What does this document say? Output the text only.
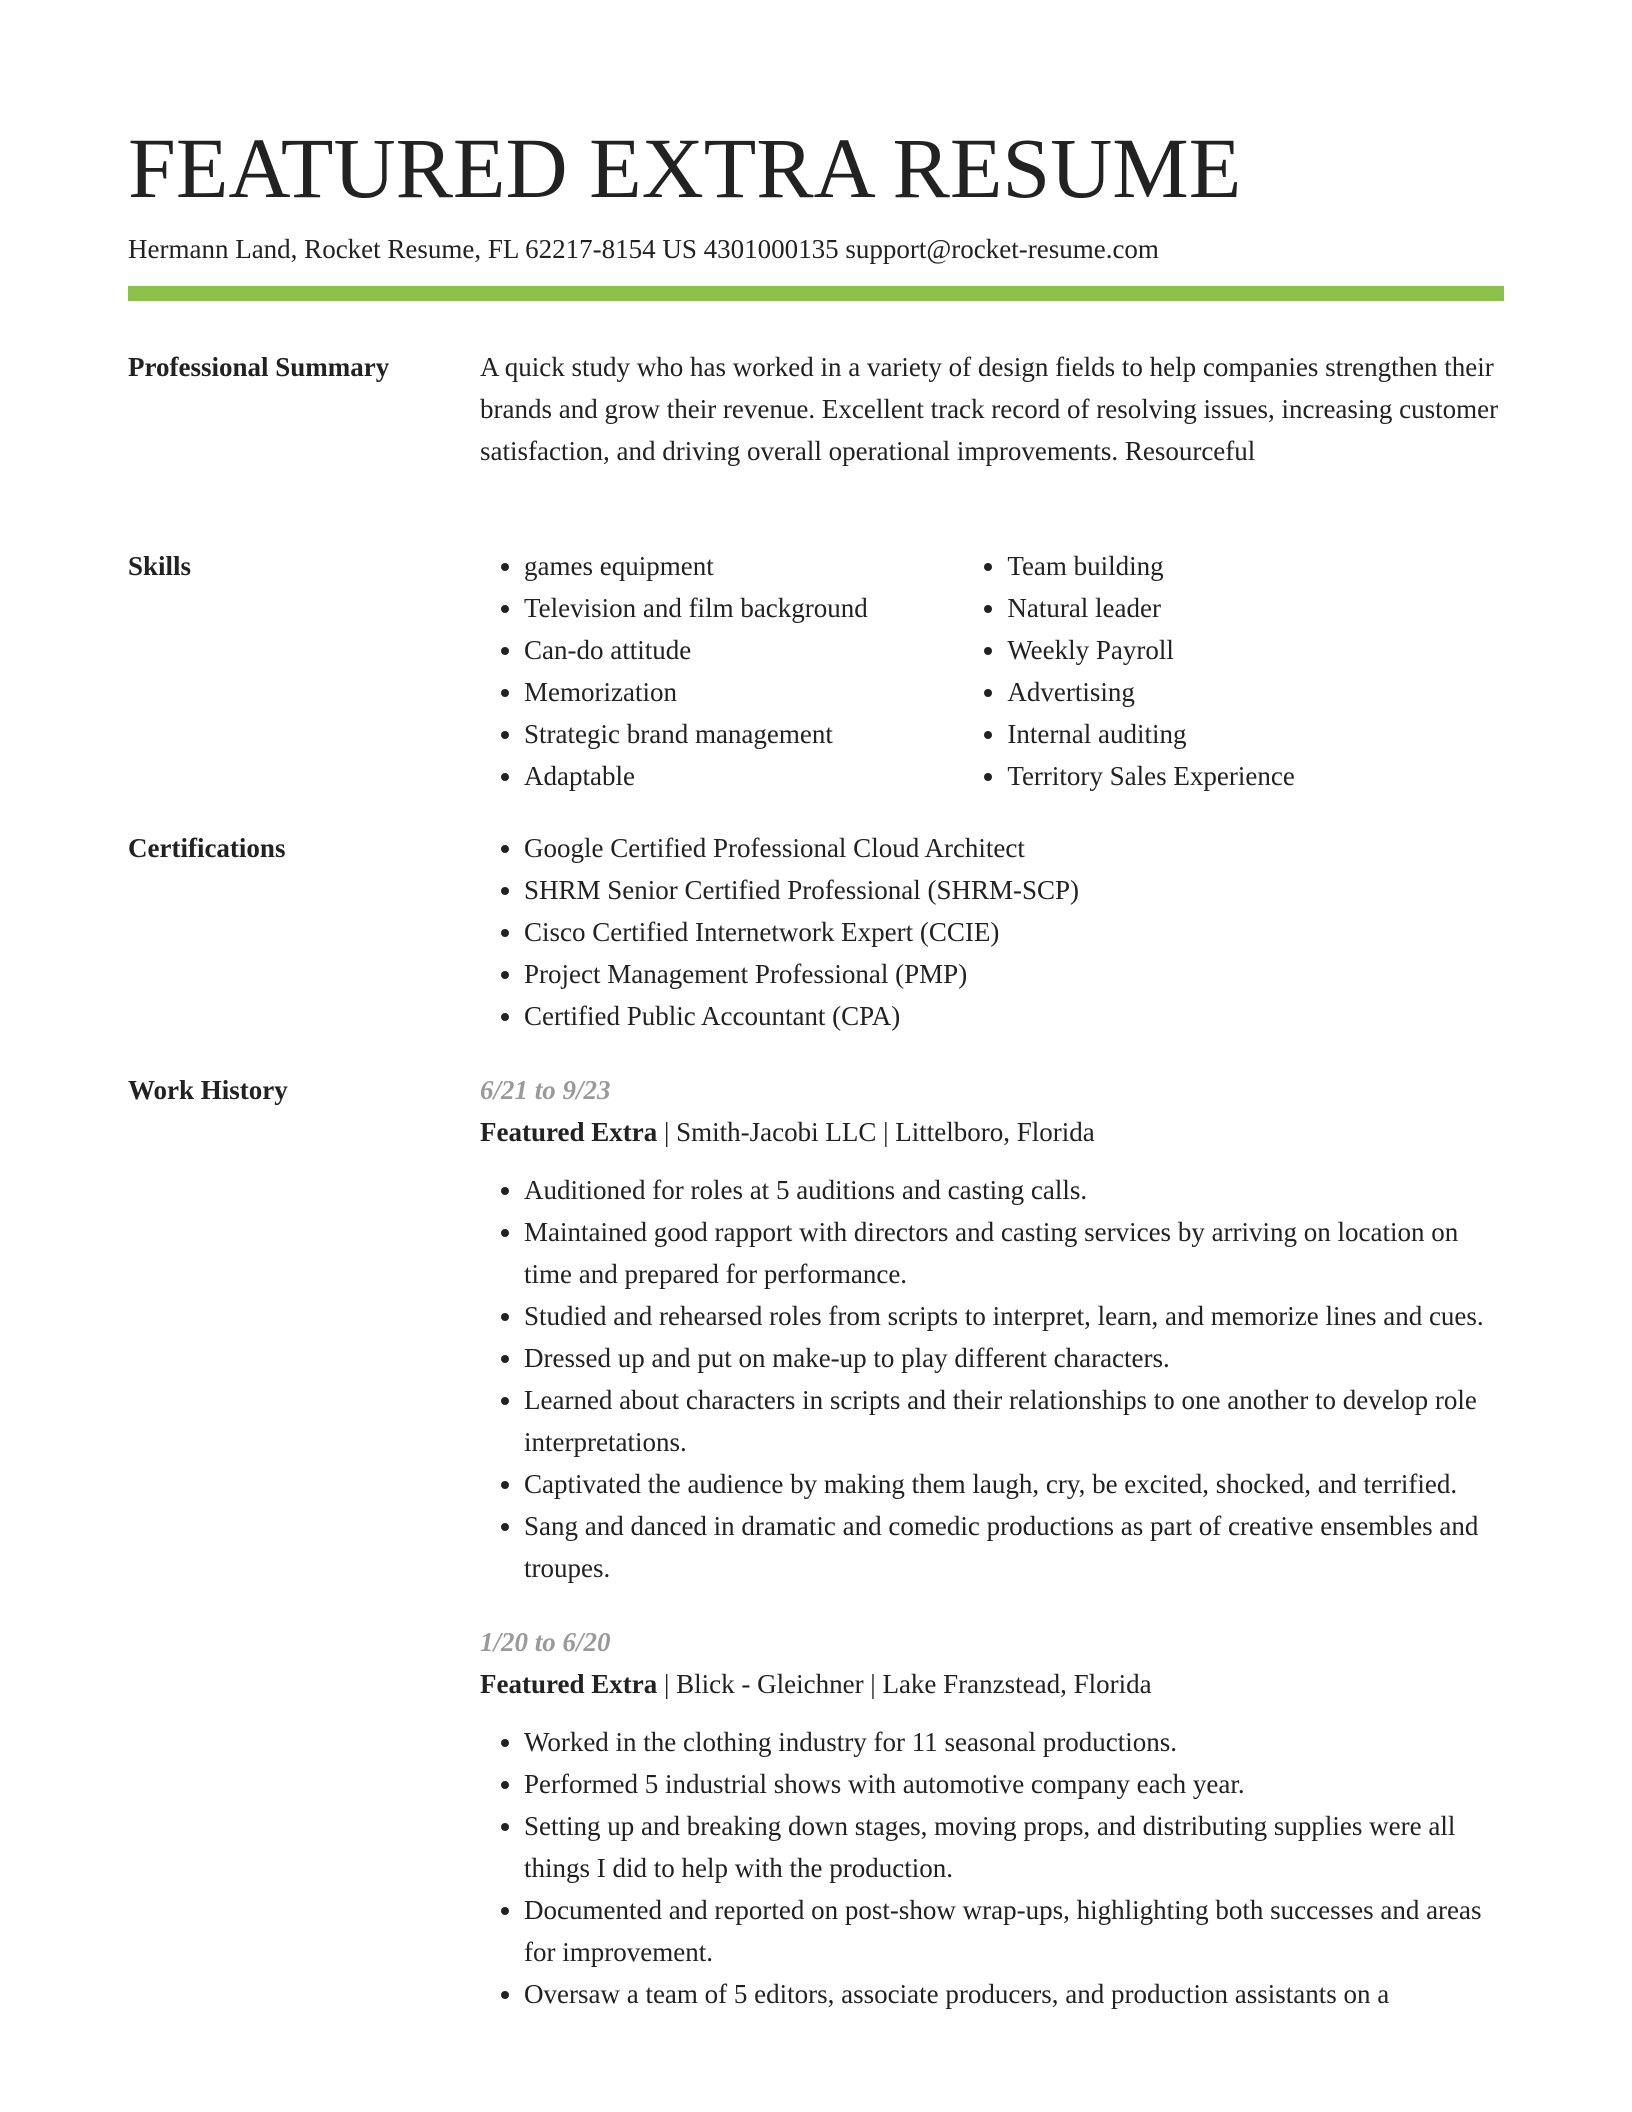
FEATURED EXTRA RESUME
Hermann Land, Rocket Resume, FL 62217-8154 US 4301000135 support@rocket-resume.com
Professional Summary	A quick study who has worked in a variety of design fields to help companies strengthen their brands and grow their revenue. Excellent track record of resolving issues, increasing customer satisfaction, and driving overall operational improvements. Resourceful

Skills	• games equipment
• Television and film background
• Can-do attitude
• Memorization
• Strategic brand management
• Adaptable
• Team building
• Natural leader
• Weekly Payroll
• Advertising
• Internal auditing
• Territory Sales Experience
Certifications	• Google Certified Professional Cloud Architect
• SHRM Senior Certified Professional (SHRM-SCP)
• Cisco Certified Internetwork Expert (CCIE)
• Project Management Professional (PMP)
• Certified Public Accountant (CPA)
Work History	6/21 to 9/23
Featured Extra | Smith-Jacobi LLC | Littelboro, Florida
• Auditioned for roles at 5 auditions and casting calls.
• Maintained good rapport with directors and casting services by arriving on location on time and prepared for performance.
• Studied and rehearsed roles from scripts to interpret, learn, and memorize lines and cues.
• Dressed up and put on make-up to play different characters.
• Learned about characters in scripts and their relationships to one another to develop role interpretations.
• Captivated the audience by making them laugh, cry, be excited, shocked, and terrified.
• Sang and danced in dramatic and comedic productions as part of creative ensembles and troupes.
1/20 to 6/20
Featured Extra | Blick - Gleichner | Lake Franzstead, Florida
• Worked in the clothing industry for 11 seasonal productions.
• Performed 5 industrial shows with automotive company each year.
• Setting up and breaking down stages, moving props, and distributing supplies were all things I did to help with the production.
• Documented and reported on post-show wrap-ups, highlighting both successes and areas for improvement.
• Oversaw a team of 5 editors, associate producers, and production assistants on a
